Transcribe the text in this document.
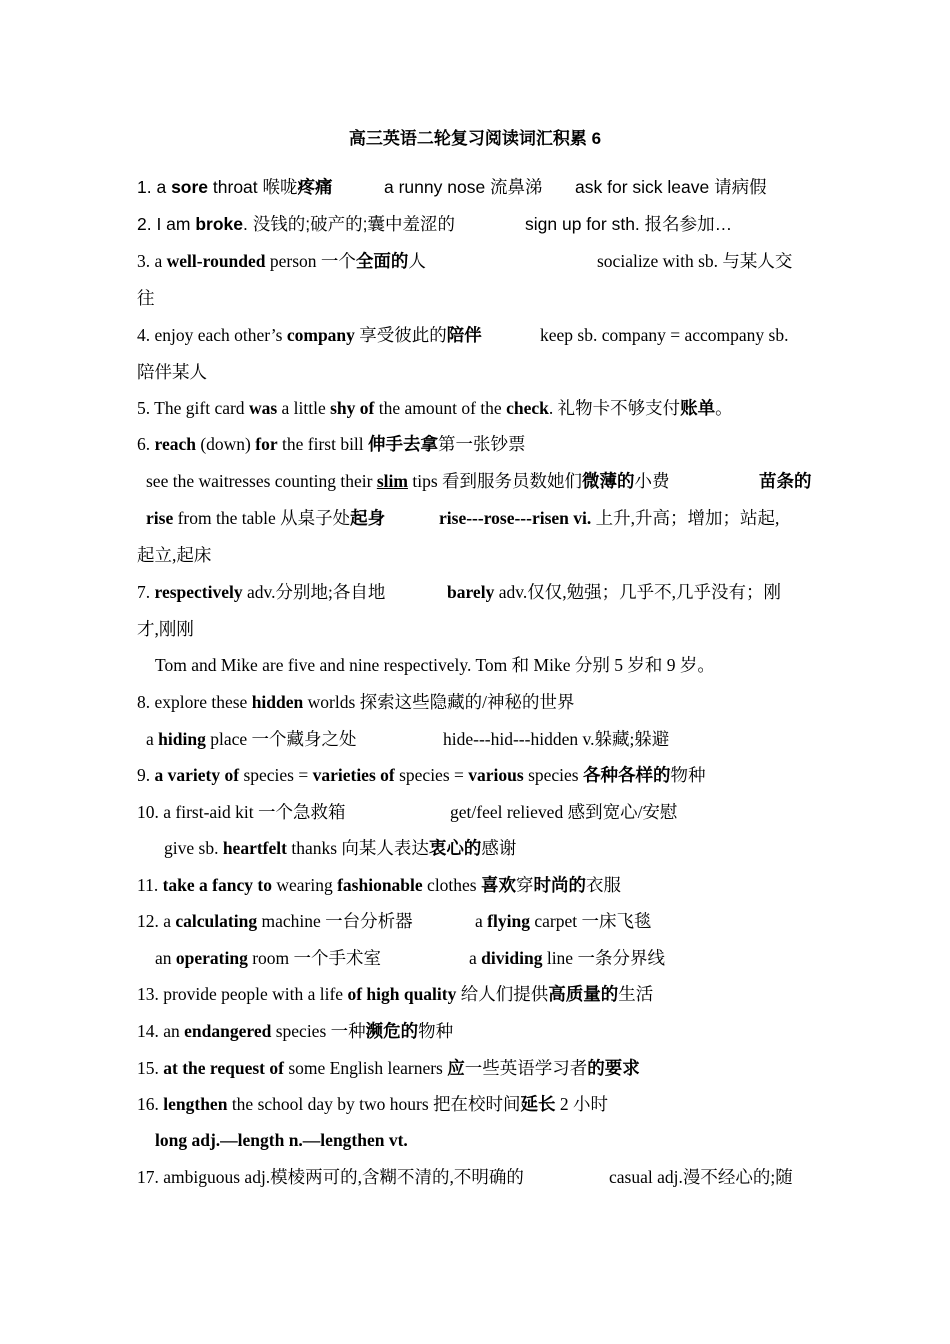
高三英语二轮复习阅读词汇积累 6
1. a sore throat 喉咙疼痛	a runny nose 流鼻涕 ask for sick leave 请病假
2. I am broke. 没钱的;破产的;囊中羞涩的	sign up for sth. 报名参加…
3. a well-rounded person 一个全面的人	socialize with sb. 与某人交
往
4. enjoy each other’s company 享受彼此的陪伴	keep sb. company = accompany sb.
陪伴某人
5. The gift card was a little shy of the amount of the check. 礼物卡不够支付账单。
6. reach (down) for the first bill 伸手去拿第一张钞票
see the waitresses counting their slim tips 看到服务员数她们微薄的小费	苗条的
rise from the table 从桌子处起身	rise---rose---risen vi. 上升,升高；增加；站起,
起立,起床
7. respectively adv.分别地;各自地	barely adv.仅仅,勉强；几乎不,几乎没有；刚
才,刚刚
Tom and Mike are five and nine respectively. Tom 和 Mike 分别 5 岁和 9 岁。
8. explore these hidden worlds 探索这些隐藏的/神秘的世界
a hiding place 一个藏身之处	hide---hid---hidden v.躲藏;躲避
9. a variety of species = varieties of species = various species 各种各样的物种
10. a first-aid kit 一个急救箱	get/feel relieved 感到宽心/安慰
give sb. heartfelt thanks 向某人表达衷心的感谢
11. take a fancy to wearing fashionable clothes 喜欢穿时尚的衣服
12. a calculating machine 一台分析器	a flying carpet 一床飞毯
an operating room 一个手术室	a dividing line 一条分界线
13. provide people with a life of high quality 给人们提供高质量的生活
14. an endangered species 一种濒危的物种
15. at the request of some English learners 应一些英语学习者的要求
16. lengthen the school day by two hours 把在校时间延长 2 小时
long adj.—length n.—lengthen vt.
17. ambiguous adj.模棱两可的,含糊不清的,不明确的	casual adj.漫不经心的;随
